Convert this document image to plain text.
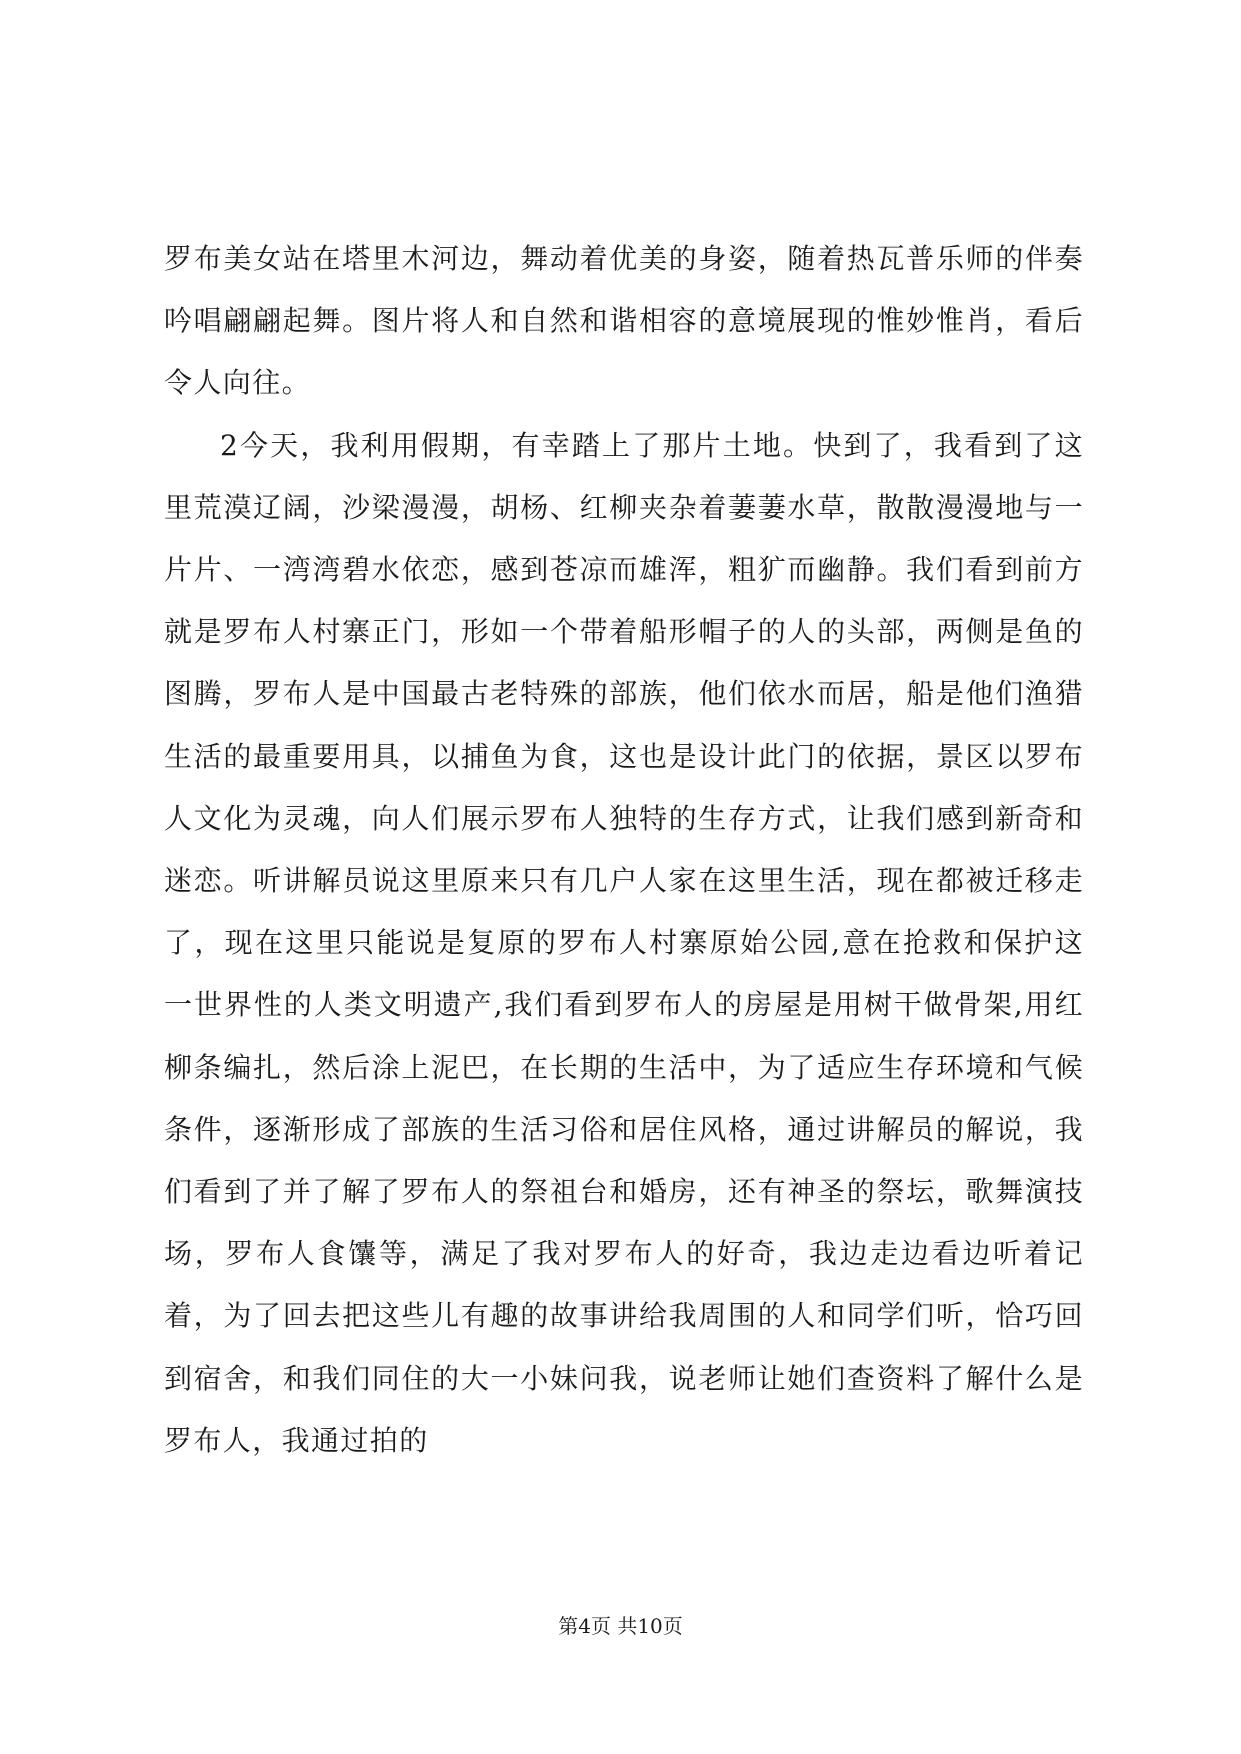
罗布美女站在塔里木河边，舞动着优美的身姿，随着热瓦普乐师的伴奏吟唱翩翩起舞。图片将人和自然和谐相容的意境展现的惟妙惟肖，看后令人向往。

2今天，我利用假期，有幸踏上了那片土地。快到了，我看到了这里荒漠辽阔，沙梁漫漫，胡杨、红柳夹杂着萋萋水草，散散漫漫地与一片片、一湾湾碧水依恋，感到苍凉而雄浑，粗犷而幽静。我们看到前方就是罗布人村寨正门，形如一个带着船形帽子的人的头部，两侧是鱼的图腾，罗布人是中国最古老特殊的部族，他们依水而居，船是他们渔猎生活的最重要用具，以捕鱼为食，这也是设计此门的依据，景区以罗布人文化为灵魂，向人们展示罗布人独特的生存方式，让我们感到新奇和迷恋。听讲解员说这里原来只有几户人家在这里生活，现在都被迁移走了，现在这里只能说是复原的罗布人村寨原始公园,意在抢救和保护这一世界性的人类文明遗产,我们看到罗布人的房屋是用树干做骨架,用红柳条编扎，然后涂上泥巴，在长期的生活中，为了适应生存环境和气候条件，逐渐形成了部族的生活习俗和居住风格，通过讲解员的解说，我们看到了并了解了罗布人的祭祖台和婚房，还有神圣的祭坛，歌舞演技场，罗布人食馕等，满足了我对罗布人的好奇，我边走边看边听着记着，为了回去把这些儿有趣的故事讲给我周围的人和同学们听，恰巧回到宿舍，和我们同住的大一小妹问我，说老师让她们查资料了解什么是罗布人，我通过拍的

第4页 共10页
